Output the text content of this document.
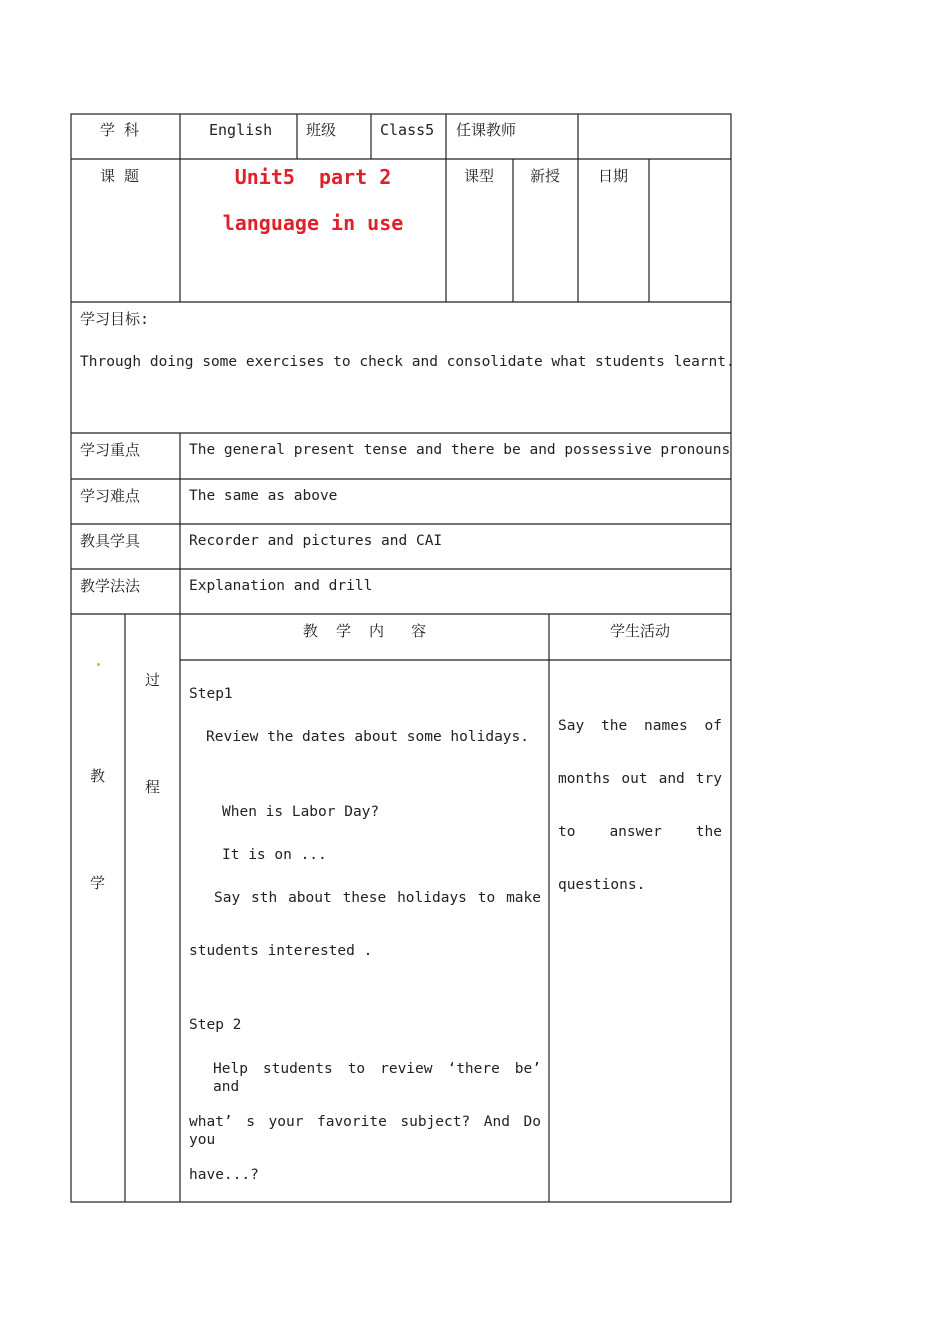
学 科	English 班级	Class5 任课教师
课 题	Unit5  part 2
language in use
课型 新授	日期
学习目标:
Through doing some exercises to check and consolidate what students learnt.
学习重点	The general present tense and there be and possessive pronouns
学习难点	The same as above
教具学具	Recorder and pictures and CAI
教学法法	Explanation and drill
教
学
过
程
教  学  内   容	学生活动
Step1
Review the dates about some holidays.
When is Labor Day?
It is on ...
Say sth about these holidays to make
students interested .
Step 2
Help students to review ‘there be’ and
what’ s your favorite subject? And Do you
have...?
Say the names of
months out and try
to answer the
questions.
